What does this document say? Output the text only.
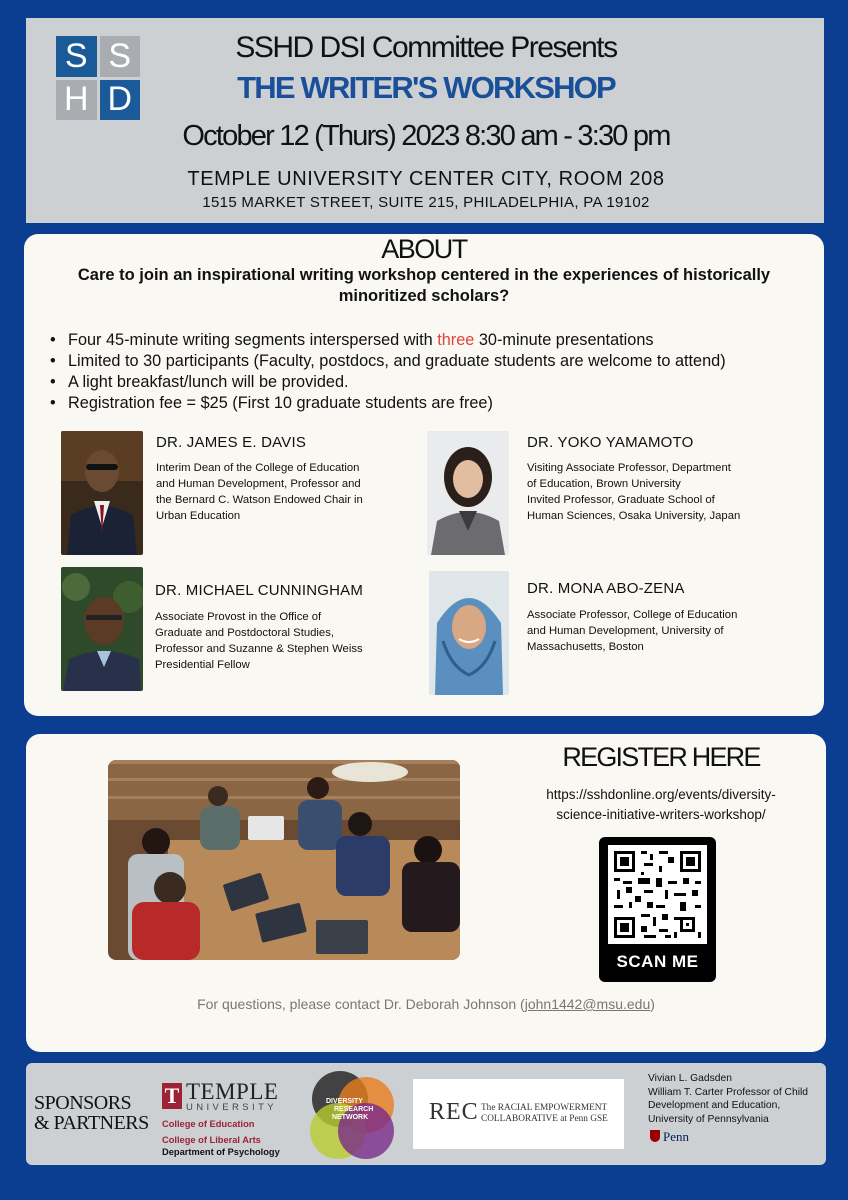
S S
H D
SSHD DSI Committee Presents
THE WRITER'S WORKSHOP
October 12 (Thurs) 2023 8:30 am - 3:30 pm
TEMPLE UNIVERSITY CENTER CITY, ROOM 208
1515 MARKET STREET, SUITE 215, PHILADELPHIA, PA 19102
ABOUT
Care to join an inspirational writing workshop centered in the experiences of historically minoritized scholars?
• Four 45-minute writing segments interspersed with three 30-minute presentations
• Limited to 30 participants (Faculty, postdocs, and graduate students are welcome to attend)
• A light breakfast/lunch will be provided.
• Registration fee = $25 (First 10 graduate students are free)
DR. JAMES E. DAVIS
Interim Dean of the College of Education
and Human Development, Professor and
the Bernard C. Watson Endowed Chair in
Urban Education
DR. YOKO YAMAMOTO
Visiting Associate Professor, Department
of Education, Brown University
Invited Professor, Graduate School of
Human Sciences, Osaka University, Japan
DR. MICHAEL CUNNINGHAM
Associate Provost in the Office of
Graduate and Postdoctoral Studies,
Professor and Suzanne & Stephen Weiss
Presidential Fellow
DR. MONA ABO-ZENA
Associate Professor, College of Education
and Human Development, University of
Massachusetts, Boston
REGISTER HERE
https://sshdonline.org/events/diversity-
science-initiative-writers-workshop/
SCAN ME
For questions, please contact Dr. Deborah Johnson (john1442@msu.edu)
SPONSORS
& PARTNERS
T TEMPLE
UNIVERSITY
College of Education
College of Liberal Arts
Department of Psychology
DIVERSITY
RESEARCH
NETWORK	REC The RACIAL EMPOWERMENT
COLLABORATIVE at Penn GSE
Vivian L. Gadsden
William T. Carter Professor of Child
Development and Education,
University of Pennsylvania
Penn
